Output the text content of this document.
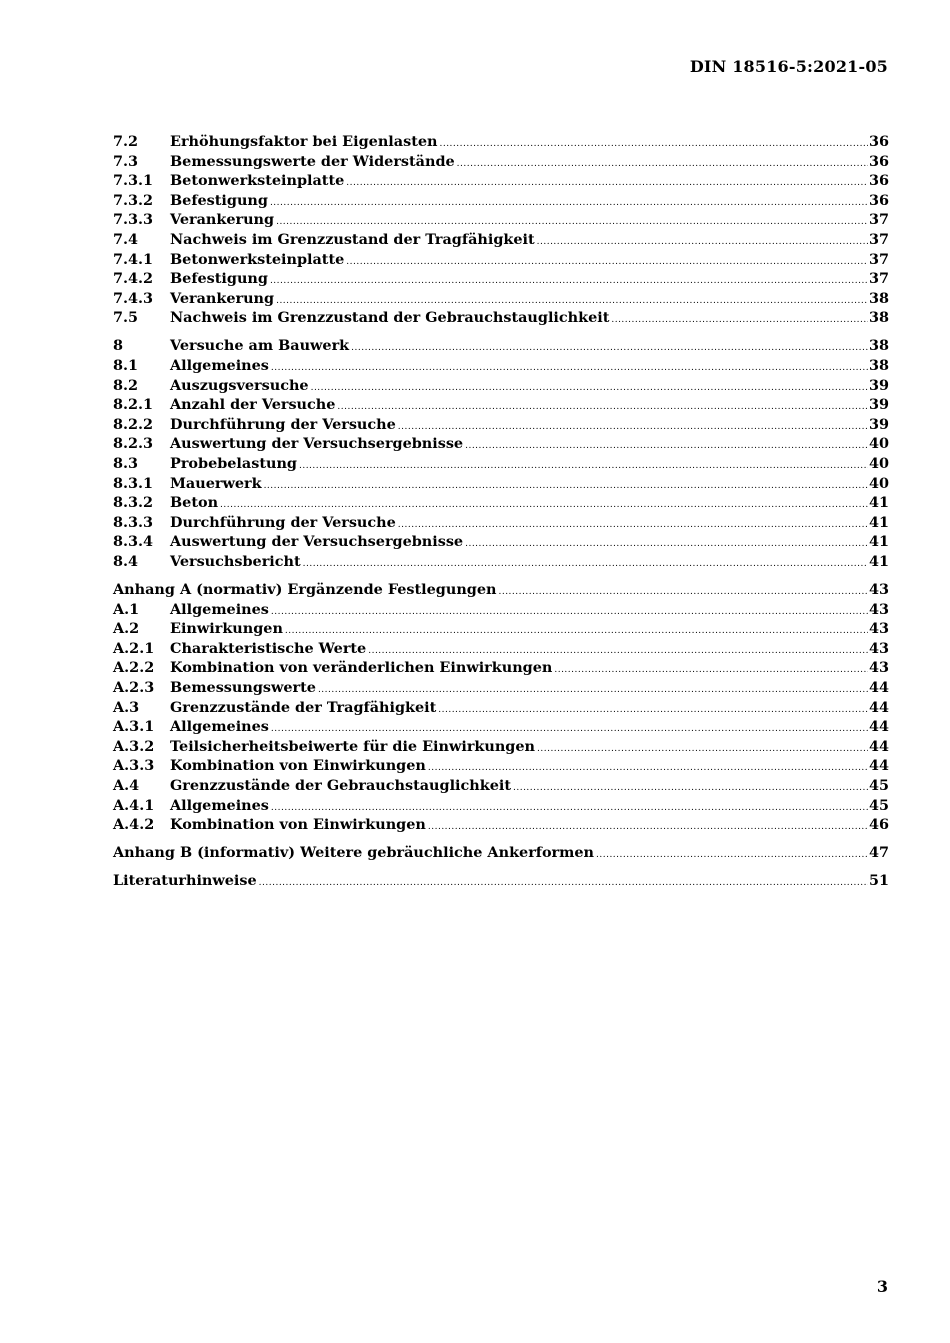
DIN 18516-5:2021-05
7.2	Erhöhungsfaktor bei Eigenlasten .....	36
7.3	Bemessungswerte der Widerstände .....	36
7.3.1	Betonwerksteinplatte .....	36
7.3.2	Befestigung .....	36
7.3.3	Verankerung .....	37
7.4	Nachweis im Grenzzustand der Tragfähigkeit .....	37
7.4.1	Betonwerksteinplatte .....	37
7.4.2	Befestigung .....	37
7.4.3	Verankerung .....	38
7.5	Nachweis im Grenzzustand der Gebrauchstauglichkeit .....	38
8	Versuche am Bauwerk .....	38
8.1	Allgemeines .....	38
8.2	Auszugsversuche .....	39
8.2.1	Anzahl der Versuche .....	39
8.2.2	Durchführung der Versuche .....	39
8.2.3	Auswertung der Versuchsergebnisse .....	40
8.3	Probebelastung .....	40
8.3.1	Mauerwerk .....	40
8.3.2	Beton .....	41
8.3.3	Durchführung der Versuche .....	41
8.3.4	Auswertung der Versuchsergebnisse .....	41
8.4	Versuchsbericht .....	41
Anhang A (normativ) Ergänzende Festlegungen .....	43
A.1	Allgemeines .....	43
A.2	Einwirkungen .....	43
A.2.1	Charakteristische Werte .....	43
A.2.2	Kombination von veränderlichen Einwirkungen .....	43
A.2.3	Bemessungswerte .....	44
A.3	Grenzzustände der Tragfähigkeit .....	44
A.3.1	Allgemeines .....	44
A.3.2	Teilsicherheitsbeiwerte für die Einwirkungen .....	44
A.3.3	Kombination von Einwirkungen .....	44
A.4	Grenzzustände der Gebrauchstauglichkeit .....	45
A.4.1	Allgemeines .....	45
A.4.2	Kombination von Einwirkungen .....	46
Anhang B (informativ) Weitere gebräuchliche Ankerformen .....	47
Literaturhinweise .....	51
3
